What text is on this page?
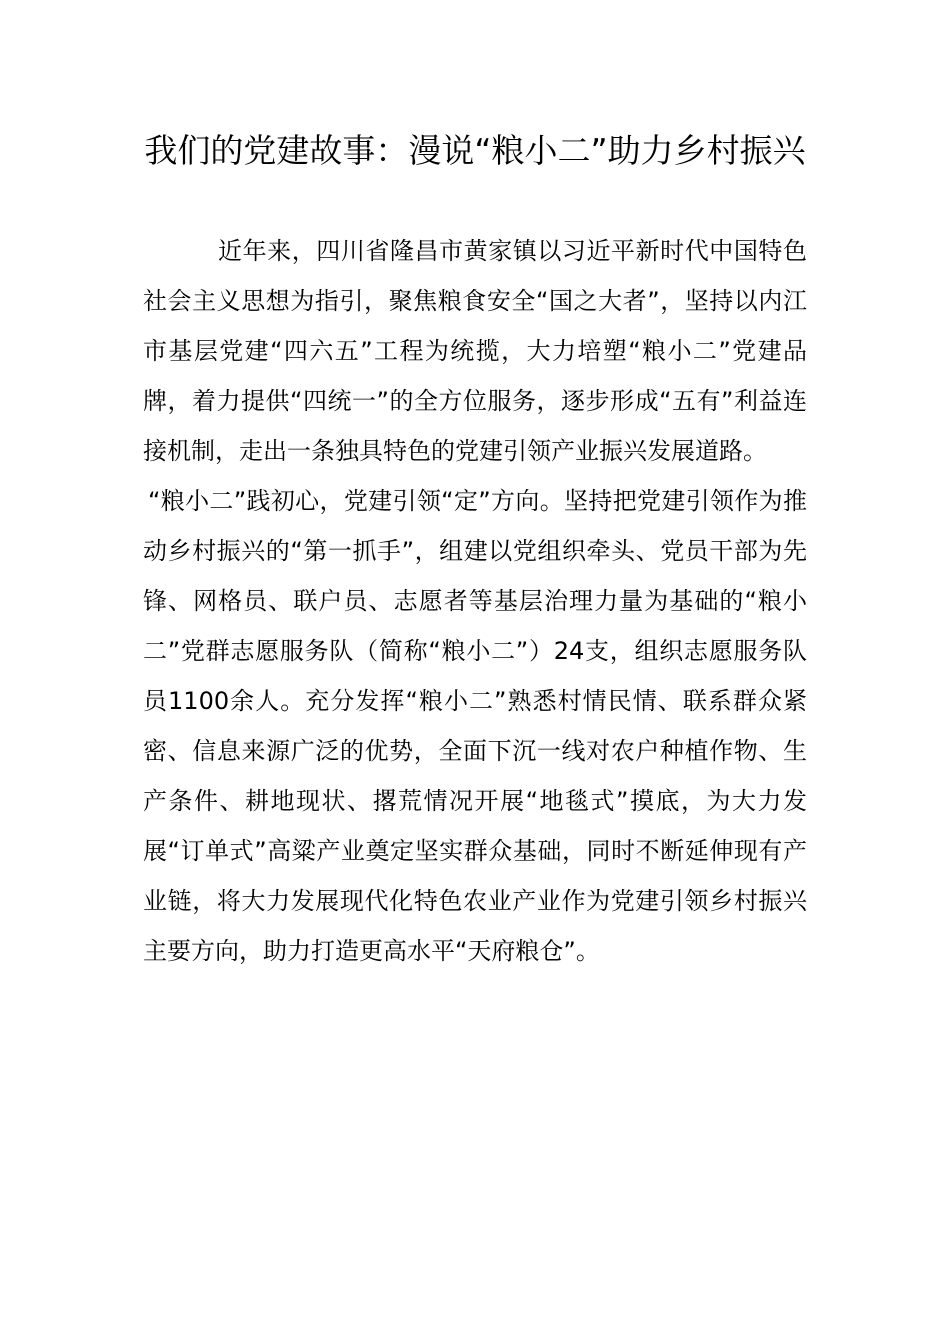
我们的党建故事：漫说“粮小二”助力乡村振兴

近年来，四川省隆昌市黄家镇以习近平新时代中国特色社会主义思想为指引，聚焦粮食安全“国之大者”，坚持以内江市基层党建“四六五”工程为统揽，大力培塑“粮小二”党建品牌，着力提供“四统一”的全方位服务，逐步形成“五有”利益连接机制，走出一条独具特色的党建引领产业振兴发展道路。

“粮小二”践初心，党建引领“定”方向。坚持把党建引领作为推动乡村振兴的“第一抓手”，组建以党组织牵头、党员干部为先锋、网格员、联户员、志愿者等基层治理力量为基础的“粮小二”党群志愿服务队（简称“粮小二”）24支，组织志愿服务队员1100余人。充分发挥“粮小二”熟悉村情民情、联系群众紧密、信息来源广泛的优势，全面下沉一线对农户种植作物、生产条件、耕地现状、撂荒情况开展“地毯式”摸底，为大力发展“订单式”高粱产业奠定坚实群众基础，同时不断延伸现有产业链，将大力发展现代化特色农业产业作为党建引领乡村振兴主要方向，助力打造更高水平“天府粮仓”。
